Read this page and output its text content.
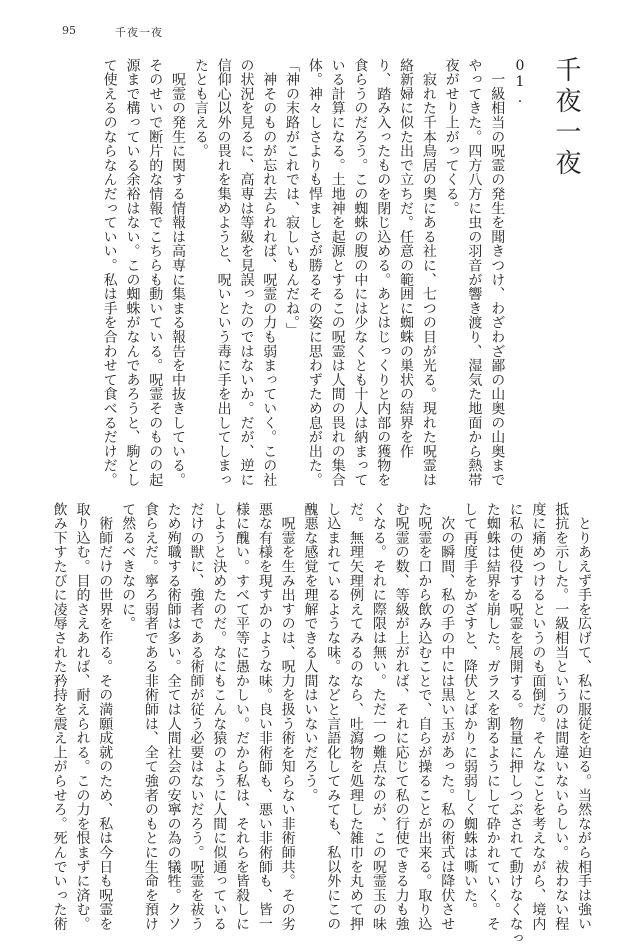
95	千夜一夜
千夜一夜
01.

　一級相当の呪霊の発生を聞きつけ、わざわざ鄙の山奥の山奥まで
やってきた。四方八方に虫の羽音が響き渡り、湿気た地面から熱帯
夜がせり上がってくる。

　寂れた千本鳥居の奥にある社に、七つの目が光る。現れた呪霊は
絡新婦に似た出で立ちだ。任意の範囲に蜘蛛の巣状の結界を作
り、踏み入ったものを閉じ込める。あとはじっくりと内部の獲物を
食らうのだろう。この蜘蛛の腹の中には少なくとも十人は納まって
いる計算になる。土地神を起源とするこの呪霊は人間の畏れの集合
体。神々しさよりも悍ましさが勝るその姿に思わずため息が出た。

「神の末路がこれでは、寂しいもんだね。」

　神そのものが忘れ去られれば、呪霊の力も弱まっていく。この社
の状況を見るに、高専は等級を見誤ったのではないか。だが、逆に
信仰心以外の畏れを集めようと、呪いという毒に手を出してしまっ
たとも言える。

　呪霊の発生に関する情報は高専に集まる報告を中抜きしている。
そのせいで断片的な情報でこちらも動いている。呪霊そのものの起
源まで構っている余裕はない。この蜘蛛がなんであろうと、駒とし
て使えるのならなんだっていい。私は手を合わせて食べるだけだ。

　とりあえず手を広げて、私に服従を迫る。当然ながら相手は強い
抵抗を示した。一級相当というのは間違いないらしい。祓わない程
度に痛めつけるというのも面倒だ。そんなことを考えながら、境内
に私の使役する呪霊を展開する。物量に押しつぶされて動けなくなっ
た蜘蛛は結界を崩した。ガラスを割るようにして砕かれていく。そ
して再度手をかざすと、降伏とばかりに弱弱しく蜘蛛は嘶いた。

　次の瞬間、私の手の中には黒い玉があった。私の術式は降伏させ
た呪霊を口から飲み込むことで、自らが操ることが出来る。取り込
む呪霊の数、等級が上がれば、それに応じて私の行使できる力も強
くなる。それに際限は無い。ただ一つ難点なのが、この呪霊玉の味
だ。無理矢理例えてみるのなら、吐瀉物を処理した雑巾を丸めて押
し込まれているような味。などと言語化してみても、私以外にこの
醜悪な感覚を理解できる人間はいないだろう。

　呪霊を生み出すのは、呪力を扱う術を知らない非術師共。その劣
悪な有様を現すかのような味。良い非術師も、悪い非術師も、皆一
様に醜い。すべて平等に愚かしい。だから私は、それらを皆殺しに
しようと決めたのだ。なにもこんな猿のように人間に似通っている
だけの獣に、強者である術師が従う必要はないだろう。呪霊を祓う
ため殉職する術師は多い。全ては人間社会の安寧の為の犠牲。クソ
食らえだ。寧ろ弱者である非術師は、全て強者のもとに生命を預け
て然るべきなのに。

　術師だけの世界を作る。その満願成就のため、私は今日も呪霊を
取り込む。目的さえあれば、耐えられる。この力を恨まずに済む。
飲み下すたびに凌辱された矜持を震え上がらせろ。死んでいった術
